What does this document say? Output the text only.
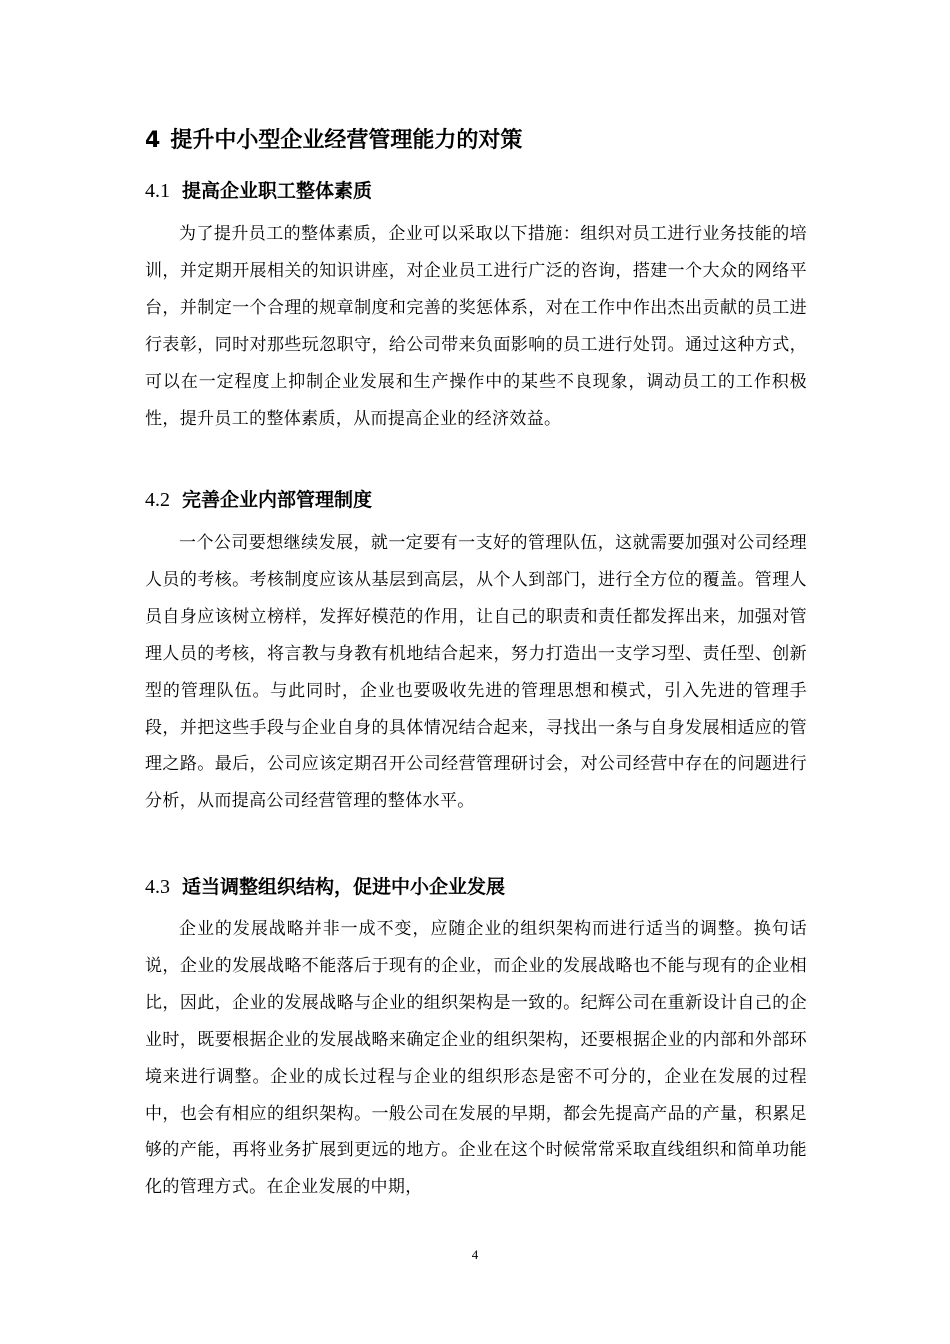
4 提升中小型企业经营管理能力的对策
4.1 提高企业职工整体素质

为了提升员工的整体素质，企业可以采取以下措施：组织对员工进行业务技能的培训，并定期开展相关的知识讲座，对企业员工进行广泛的咨询，搭建一个大众的网络平台，并制定一个合理的规章制度和完善的奖惩体系，对在工作中作出杰出贡献的员工进行表彰，同时对那些玩忽职守，给公司带来负面影响的员工进行处罚。通过这种方式，可以在一定程度上抑制企业发展和生产操作中的某些不良现象，调动员工的工作积极性，提升员工的整体素质，从而提高企业的经济效益。

4.2 完善企业内部管理制度

一个公司要想继续发展，就一定要有一支好的管理队伍，这就需要加强对公司经理人员的考核。考核制度应该从基层到高层，从个人到部门，进行全方位的覆盖。管理人员自身应该树立榜样，发挥好模范的作用，让自己的职责和责任都发挥出来，加强对管理人员的考核，将言教与身教有机地结合起来，努力打造出一支学习型、责任型、创新型的管理队伍。与此同时，企业也要吸收先进的管理思想和模式，引入先进的管理手段，并把这些手段与企业自身的具体情况结合起来，寻找出一条与自身发展相适应的管理之路。最后，公司应该定期召开公司经营管理研讨会，对公司经营中存在的问题进行分析，从而提高公司经营管理的整体水平。

4.3 适当调整组织结构，促进中小企业发展

企业的发展战略并非一成不变，应随企业的组织架构而进行适当的调整。换句话说，企业的发展战略不能落后于现有的企业，而企业的发展战略也不能与现有的企业相比，因此，企业的发展战略与企业的组织架构是一致的。纪辉公司在重新设计自己的企业时，既要根据企业的发展战略来确定企业的组织架构，还要根据企业的内部和外部环境来进行调整。企业的成长过程与企业的组织形态是密不可分的，企业在发展的过程中，也会有相应的组织架构。一般公司在发展的早期，都会先提高产品的产量，积累足够的产能，再将业务扩展到更远的地方。企业在这个时候常常采取直线组织和简单功能化的管理方式。在企业发展的中期，

4
